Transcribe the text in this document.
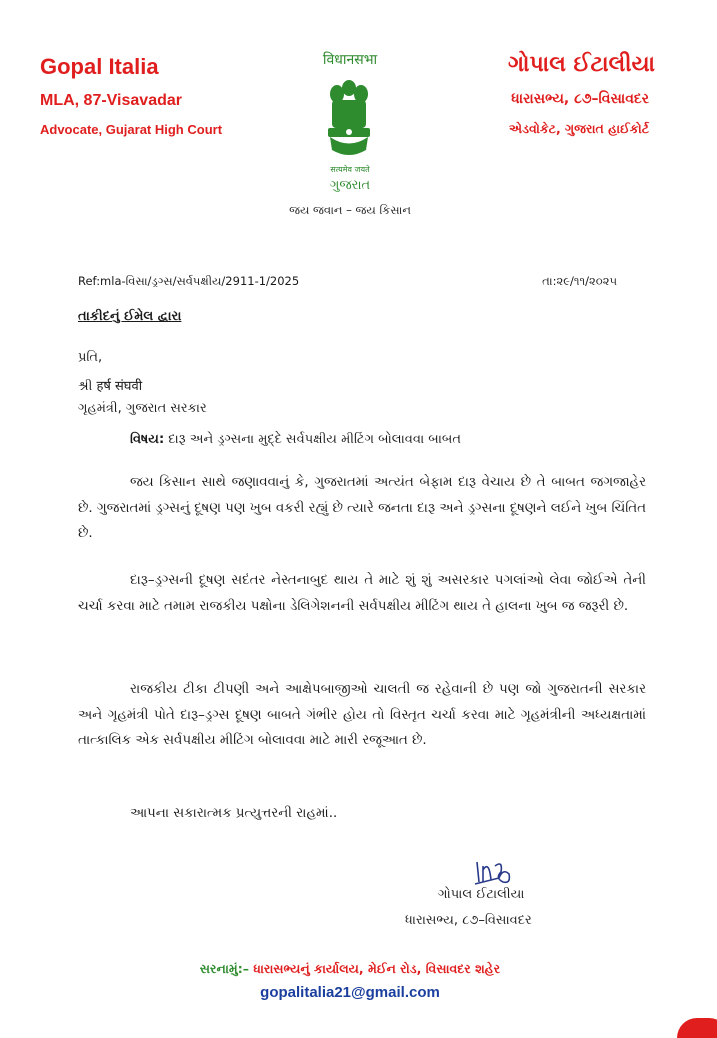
Gopal Italia
MLA, 87-Visavadar
Advocate, Gujarat High Court
विधानसभा
सत्यमेव जयते
ગુજરાત
જય જવાન – જય કિસાન
ગોપાલ ઈટાલીયા
ધારાસભ્ય, ૮૭–વિસાવદર
એડવોકેટ, ગુજરાત હાઈકોર્ટ
Ref:mla-વિસા/ડ્રગ્સ/સર્વપક્ષીય/2911-1/2025	તા:૨૯/૧૧/૨૦૨૫
તાકીદનું ઈમેલ દ્વારા
પ્રતિ,
શ્રી हर्ष संघवी
ગૃહમંત્રી, ગુજરાત સરકાર
વિષય: દારૂ અને ડ્રગ્સના મુદ્દે સર્વપક્ષીય મીટિંગ બોલાવવા બાબત
જય કિસાન સાથે જણાવવાનું કે, ગુજરાતમાં અત્યંત બેફામ દારૂ વેચાય છે તે બાબત જગજાહેર છે. ગુજરાતમાં ડ્રગ્સનું દૂષણ પણ ખુબ વકરી રહ્યું છે ત્યારે જનતા દારૂ અને ડ્રગ્સના દૂષણને લઈને ખુબ ચિંતિત છે.
દારૂ–ડ્રગ્સની દૂષણ સદંતર નેસ્તનાબુદ થાય તે માટે શું શું અસરકાર પગલાંઓ લેવા જોઈએ તેની ચર્ચા કરવા માટે તમામ રાજકીય પક્ષોના ડેલિગેશનની સર્વપક્ષીય મીટિંગ થાય તે હાલના ખુબ જ જરૂરી છે.
રાજકીય ટીકા ટીપણી અને આક્ષેપબાજીઓ ચાલતી જ રહેવાની છે પણ જો ગુજરાતની સરકાર અને ગૃહમંત્રી પોતે દારૂ–ડ્રગ્સ દૂષણ બાબતે ગંભીર હોય તો વિસ્તૃત ચર્ચા કરવા માટે ગૃહમંત્રીની અધ્યક્ષતામાં તાત્કાલિક એક સર્વપક્ષીય મીટિંગ બોલાવવા માટે મારી રજૂઆત છે.
આપના સકારાત્મક પ્રત્યુત્તરની રાહમાં..
ગોપાલ ઈટાલીયા
ધારાસભ્ય, ૮૭–વિસાવદર
સરનામું:– ધારાસભ્યનું કાર્યાલય, મેઈન રોડ, વિસાવદર શહેર
gopalitalia21@gmail.com
